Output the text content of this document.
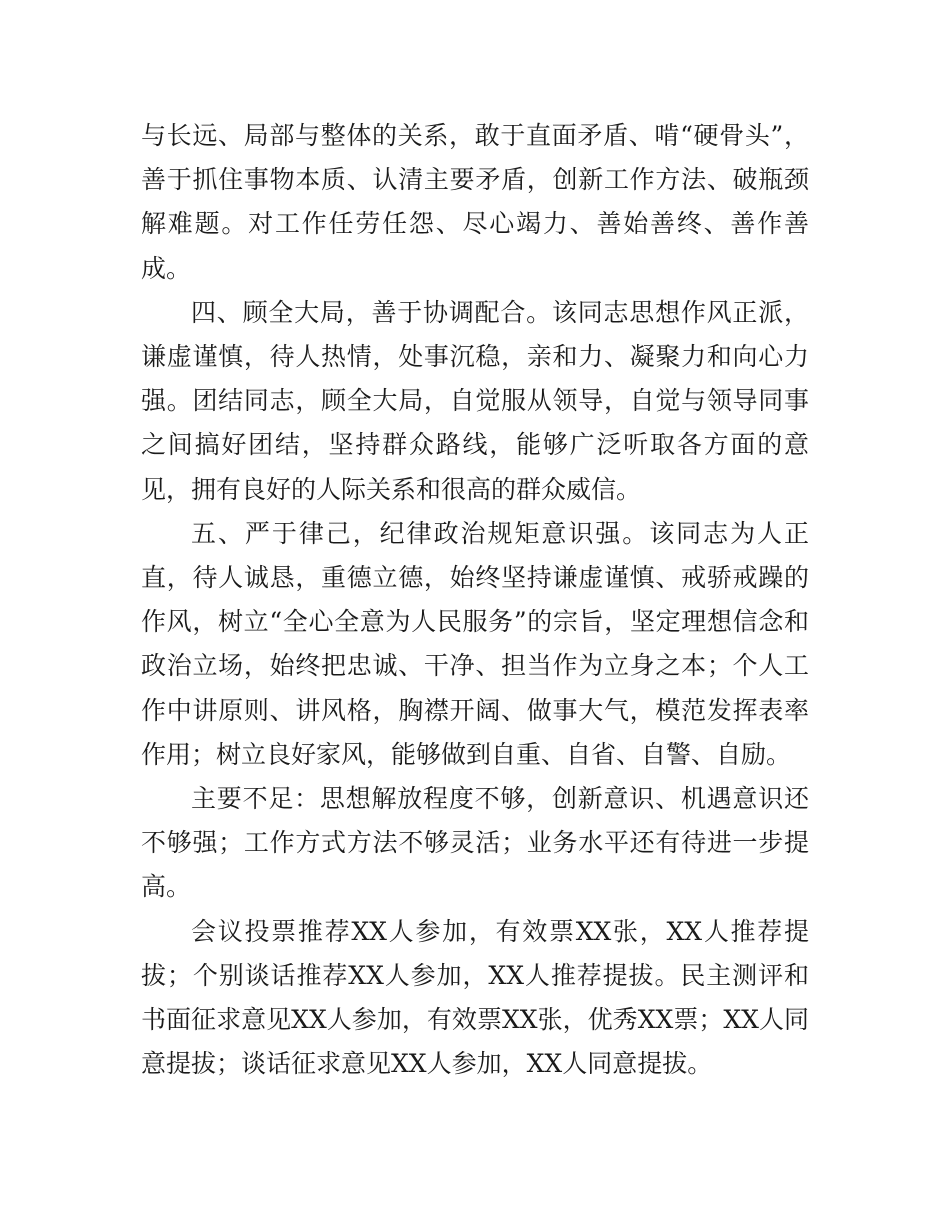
与长远、局部与整体的关系，敢于直面矛盾、啃“硬骨头”，善于抓住事物本质、认清主要矛盾，创新工作方法、破瓶颈解难题。对工作任劳任怨、尽心竭力、善始善终、善作善成。

四、顾全大局，善于协调配合。该同志思想作风正派，谦虚谨慎，待人热情，处事沉稳，亲和力、凝聚力和向心力强。团结同志，顾全大局，自觉服从领导，自觉与领导同事之间搞好团结，坚持群众路线，能够广泛听取各方面的意见，拥有良好的人际关系和很高的群众威信。

五、严于律己，纪律政治规矩意识强。该同志为人正直，待人诚恳，重德立德，始终坚持谦虚谨慎、戒骄戒躁的作风，树立“全心全意为人民服务”的宗旨，坚定理想信念和政治立场，始终把忠诚、干净、担当作为立身之本；个人工作中讲原则、讲风格，胸襟开阔、做事大气，模范发挥表率作用；树立良好家风，能够做到自重、自省、自警、自励。

主要不足：思想解放程度不够，创新意识、机遇意识还不够强；工作方式方法不够灵活；业务水平还有待进一步提高。

会议投票推荐XX人参加，有效票XX张，XX人推荐提拔；个别谈话推荐XX人参加，XX人推荐提拔。民主测评和书面征求意见XX人参加，有效票XX张，优秀XX票；XX人同意提拔；谈话征求意见XX人参加，XX人同意提拔。
